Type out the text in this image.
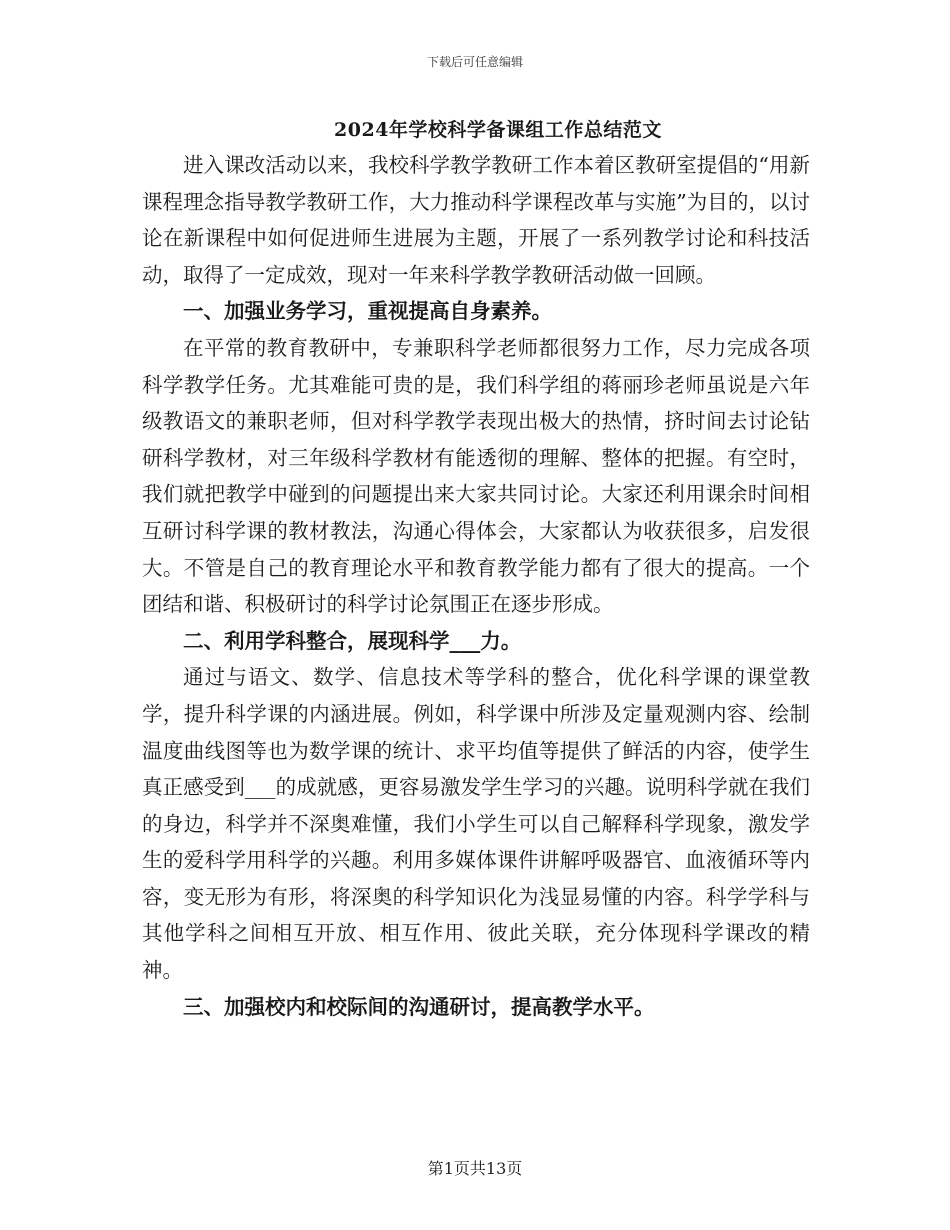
下载后可任意编辑
2024年学校科学备课组工作总结范文

进入课改活动以来，我校科学教学教研工作本着区教研室提倡的“用新课程理念指导教学教研工作，大力推动科学课程改革与实施”为目的，以讨论在新课程中如何促进师生进展为主题，开展了一系列教学讨论和科技活动，取得了一定成效，现对一年来科学教学教研活动做一回顾。

一、加强业务学习，重视提高自身素养。

在平常的教育教研中，专兼职科学老师都很努力工作，尽力完成各项科学教学任务。尤其难能可贵的是，我们科学组的蒋丽珍老师虽说是六年级教语文的兼职老师，但对科学教学表现出极大的热情，挤时间去讨论钻研科学教材，对三年级科学教材有能透彻的理解、整体的把握。有空时，我们就把教学中碰到的问题提出来大家共同讨论。大家还利用课余时间相互研讨科学课的教材教法，沟通心得体会，大家都认为收获很多，启发很大。不管是自己的教育理论水平和教育教学能力都有了很大的提高。一个团结和谐、积极研讨的科学讨论氛围正在逐步形成。

二、利用学科整合，展现科学___力。

通过与语文、数学、信息技术等学科的整合，优化科学课的课堂教学，提升科学课的内涵进展。例如，科学课中所涉及定量观测内容、绘制温度曲线图等也为数学课的统计、求平均值等提供了鲜活的内容，使学生真正感受到___的成就感，更容易激发学生学习的兴趣。说明科学就在我们的身边，科学并不深奥难懂，我们小学生可以自己解释科学现象，激发学生的爱科学用科学的兴趣。利用多媒体课件讲解呼吸器官、血液循环等内容，变无形为有形，将深奥的科学知识化为浅显易懂的内容。科学学科与其他学科之间相互开放、相互作用、彼此关联，充分体现科学课改的精神。

三、加强校内和校际间的沟通研讨，提高教学水平。
第1页共13页
